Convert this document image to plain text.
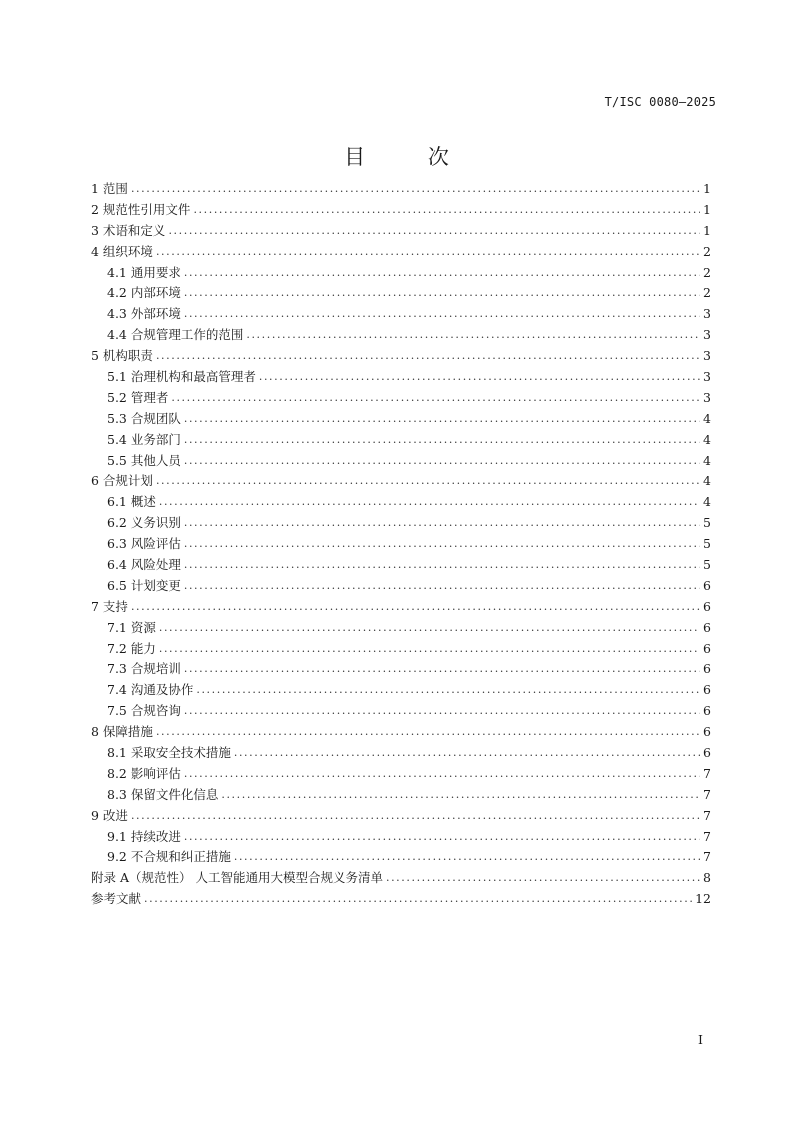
T/ISC 0080—2025
目 次
1 范围 .....	1
2 规范性引用文件 .....	1
3 术语和定义 .....	1
4 组织环境 .....	2
4.1 通用要求 .....	2
4.2 内部环境 .....	2
4.3 外部环境 .....	3
4.4 合规管理工作的范围 .....	3
5 机构职责 .....	3
5.1 治理机构和最高管理者 .....	3
5.2 管理者 .....	3
5.3 合规团队 .....	4
5.4 业务部门 .....	4
5.5 其他人员 .....	4
6 合规计划 .....	4
6.1 概述 .....	4
6.2 义务识别 .....	5
6.3 风险评估 .....	5
6.4 风险处理 .....	5
6.5 计划变更 .....	6
7 支持 .....	6
7.1 资源 .....	6
7.2 能力 .....	6
7.3 合规培训 .....	6
7.4 沟通及协作 .....	6
7.5 合规咨询 .....	6
8 保障措施 .....	6
8.1 采取安全技术措施 .....	6
8.2 影响评估 .....	7
8.3 保留文件化信息 .....	7
9 改进 .....	7
9.1 持续改进 .....	7
9.2 不合规和纠正措施 .....	7
附录 A（规范性） 人工智能通用大模型合规义务清单 .....	8
参考文献 .....	12
I
